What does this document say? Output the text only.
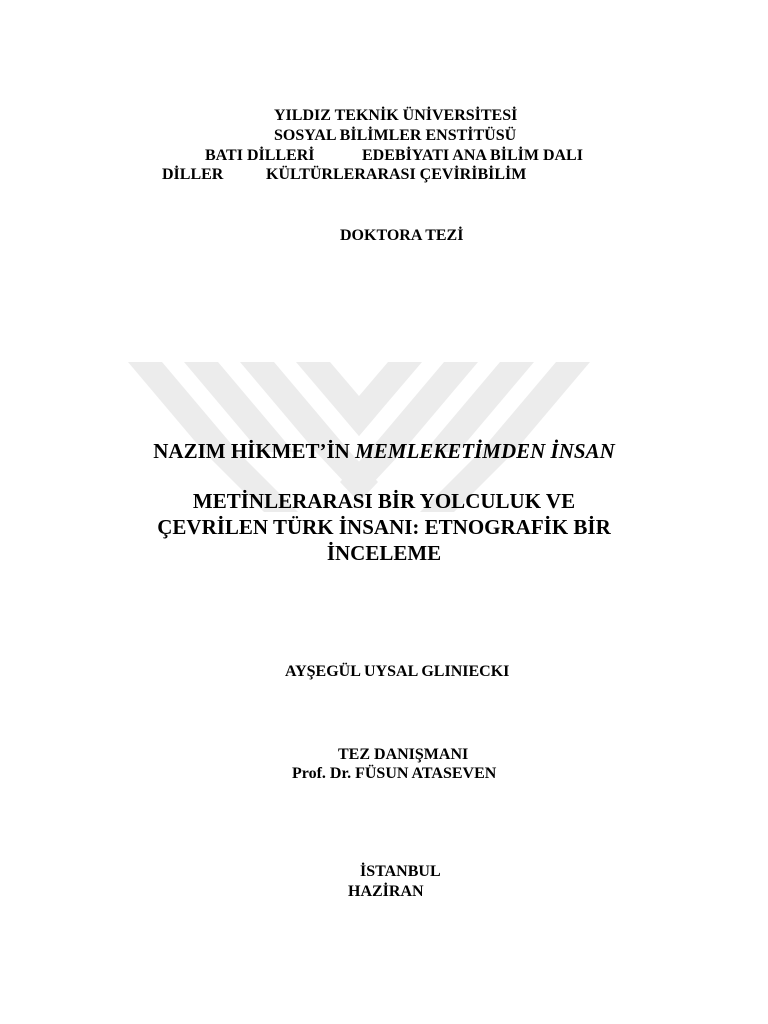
YILDIZ TEKNİK ÜNİVERSİTESİ
SOSYAL BİLİMLER ENSTİTÜSÜ
BATI DİLLERİ	EDEBİYATI ANA BİLİM DALI
DİLLER	KÜLTÜRLERARASI ÇEVİRİBİLİM
DOKTORA TEZİ
NAZIM HİKMET’İN MEMLEKETİMDEN İNSAN
METİNLERARASI BİR YOLCULUK VE
ÇEVRİLEN TÜRK İNSANI: ETNOGRAFİK BİR
İNCELEME
AYŞEGÜL UYSAL GLINIECKI
TEZ DANIŞMANI
Prof. Dr. FÜSUN ATASEVEN
İSTANBUL
HAZİRAN
